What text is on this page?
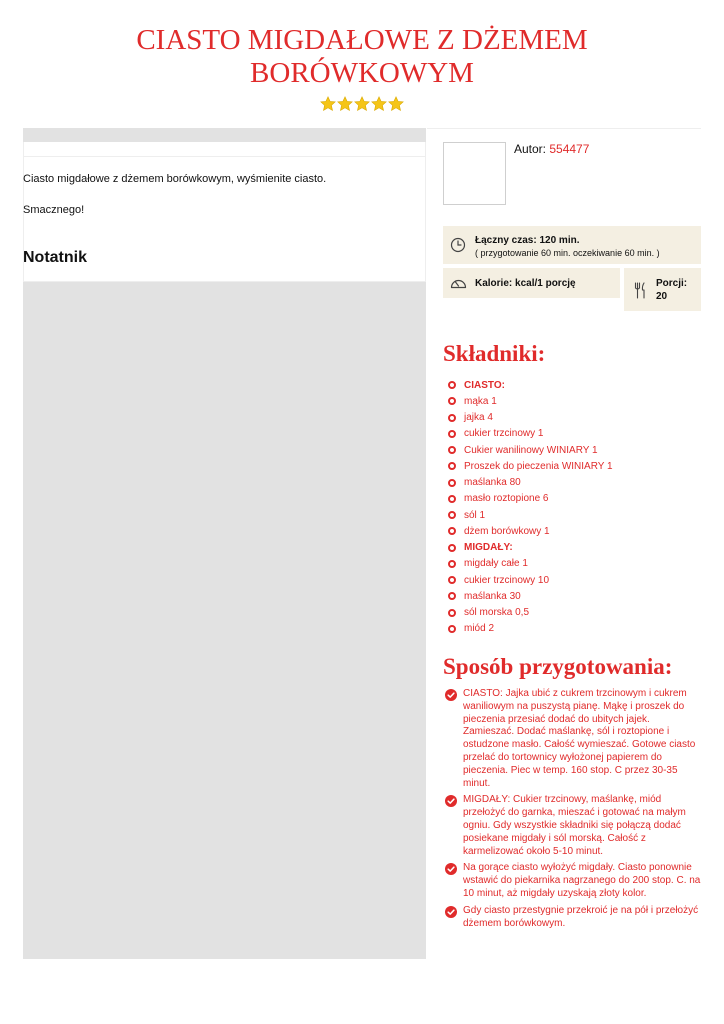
CIASTO MIGDAŁOWE Z DŻEMEM BORÓWKOWYM

Ciasto migdałowe z dżemem borówkowym, wyśmienite ciasto.

Smacznego!

Notatnik
Autor: 554477
Łączny czas: 120 min.
( przygotowanie 60 min. oczekiwanie 60 min. )
Kalorie: kcal/1 porcję	Porcji:
20
Składniki:
CIASTO:
mąka 1
jajka 4
cukier trzcinowy 1
Cukier wanilinowy WINIARY 1
Proszek do pieczenia WINIARY 1
maślanka 80
masło roztopione 6
sól 1
dżem borówkowy 1
MIGDAŁY:
migdały całe 1
cukier trzcinowy 10
maślanka 30
sól morska 0,5
miód 2
Sposób przygotowania:
CIASTO: Jajka ubić z cukrem trzcinowym i cukrem waniliowym na puszystą pianę. Mąkę i proszek do pieczenia przesiać dodać do ubitych jajek. Zamieszać. Dodać maślankę, sól i roztopione i ostudzone masło. Całość wymieszać. Gotowe ciasto przelać do tortownicy wyłożonej papierem do pieczenia. Piec w temp. 160 stop. C przez 30-35 minut.
MIGDAŁY: Cukier trzcinowy, maślankę, miód przełożyć do garnka, mieszać i gotować na małym ogniu. Gdy wszystkie składniki się połączą dodać posiekane migdały i sól morską. Całość z karmelizować około 5-10 minut.
Na gorące ciasto wyłożyć migdały. Ciasto ponownie wstawić do piekarnika nagrzanego do 200 stop. C. na 10 minut, aż migdały uzyskają złoty kolor.
Gdy ciasto przestygnie przekroić je na pół i przełożyć dżemem borówkowym.
